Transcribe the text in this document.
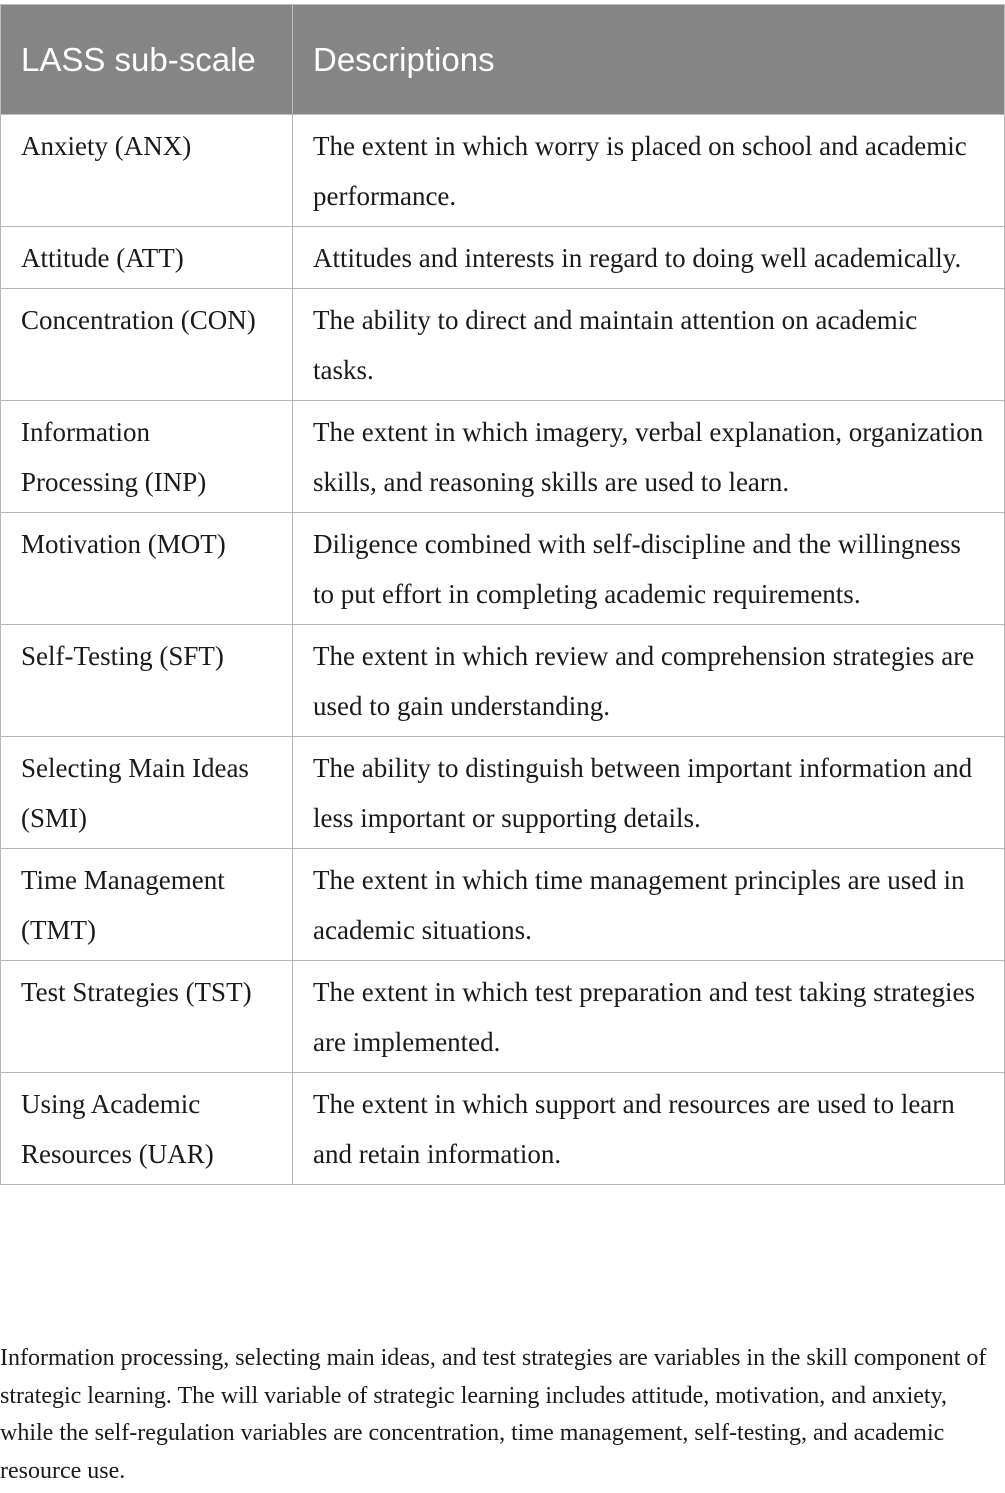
LASS sub-scale	Descriptions
Anxiety (ANX)	The extent in which worry is placed on school and academic performance.
Attitude (ATT)	Attitudes and interests in regard to doing well academically.
Concentration (CON)	The ability to direct and maintain attention on academic tasks.
Information Processing (INP)	The extent in which imagery, verbal explanation, organization skills, and reasoning skills are used to learn.
Motivation (MOT)	Diligence combined with self-discipline and the willingness to put effort in completing academic requirements.
Self-Testing (SFT)	The extent in which review and comprehension strategies are used to gain understanding.
Selecting Main Ideas (SMI)	The ability to distinguish between important information and less important or supporting details.
Time Management (TMT)	The extent in which time management principles are used in academic situations.
Test Strategies (TST)	The extent in which test preparation and test taking strategies are implemented.
Using Academic Resources (UAR)	The extent in which support and resources are used to learn and retain information.

Information processing, selecting main ideas, and test strategies are variables in the skill component of strategic learning. The will variable of strategic learning includes attitude, motivation, and anxiety, while the self-regulation variables are concentration, time management, self-testing, and academic resource use.
